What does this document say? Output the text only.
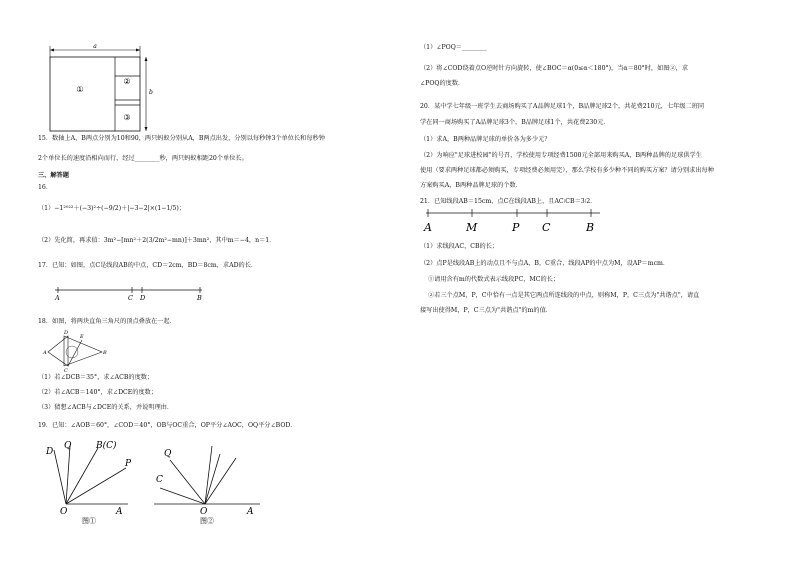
a
①
②
③
b
15．数轴上A，B两点分别为10和90，两只蚂蚁分别从A，B两点出发，分别以每秒钟3个单位长和每秒钟
2个单位长的速度沿相向而行，经过________秒，两只蚂蚁相距20个单位长。
三、解答题
16．
（1）−1²⁰²²＋(−3)²÷(−9/2)＋|−3−2|×(1−1/5)；
（2）先化简，再求值：3m²−[mn²＋2(3/2m²−mn)]＋3mn²，其中m＝−4，n＝1．
17．已知：如图，点C是线段AB的中点，CD＝2cm，BD＝8cm，求AD的长．
A	C D	B
18．如图，将两块直角三角尺的顶点叠放在一起．
A
D
E
C
B
（1）若∠DCB＝35°，求∠ACB的度数；
（2）若∠ACB＝140°，求∠DCE的度数；
（3）猜想∠ACB与∠DCE的关系，并说明理由．
19．已知：∠AOB＝60°，∠COD＝40°，OB与OC重合，OP平分∠AOC，OQ平分∠BOD．
D
Q	B(C)
P
O	A
图①
Q
C
O	A
图②
（1）∠POQ＝________
（2）将∠COD绕着点O逆时针方向旋转，使∠BOC＝α(0≤α＜180°)，当α＝80°时，如图②，求
∠POQ的度数．
20．某中学七年级一班学生去商场购买了A品牌足球1个，B品牌足球2个，共花费210元，七年级二班同
学在同一商场购买了A品牌足球3个，B品牌足球1个，共花费230元．
（1）求A，B两种品牌足球的单价各为多少元？
（2）为响应"足球进校园"的号召，学校使用专项经费1500元全部用来购买A，B两种品牌的足球供学生
使用（要求两种足球都必须购买，专项经费必须用完），那么学校有多少种不同的购买方案？请分别求出每种
方案购买A，B两种品牌足球的个数．
21．已知线段AB＝15cm，点C在线段AB上，且AC∶CB＝3∶2．
A	M	P C	B
（1）求线段AC，CB的长；
（2）点P是线段AB上的动点且不与点A，B，C重合，线段AP的中点为M，设AP＝mcm．
①请用含有m的代数式表示线段PC，MC的长；
②若三个点M，P，C中恰有一点是其它两点所连线段的中点，则称M，P，C三点为"共谐点"，请直
接写出使得M，P，C三点为"共谐点"的m的值．
